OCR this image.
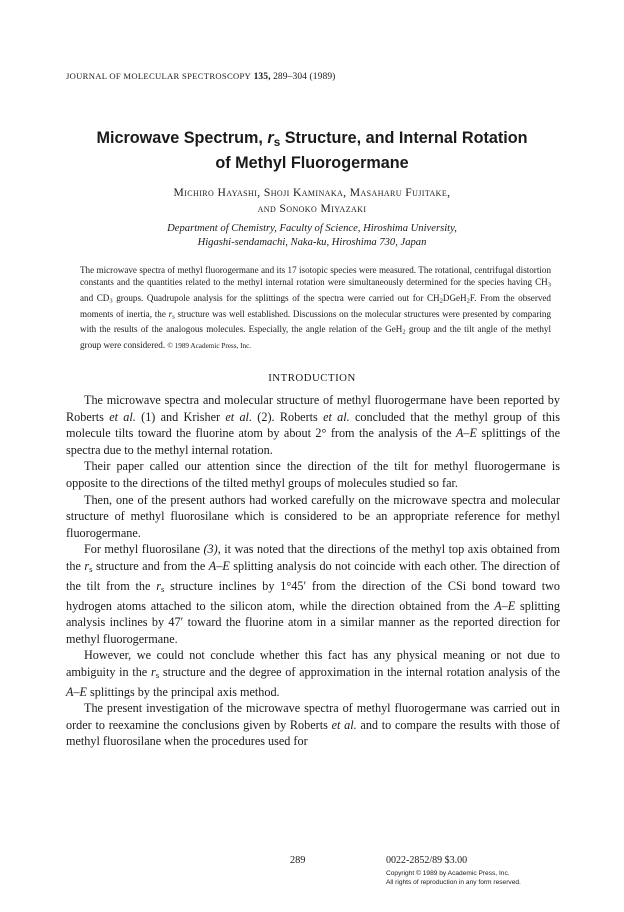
JOURNAL OF MOLECULAR SPECTROSCOPY 135, 289–304 (1989)
Microwave Spectrum, $r_s$ Structure, and Internal Rotation
of Methyl Fluorogermane
Michiro Hayashi, Shoji Kaminaka, Masaharu Fujitake,
and Sonoko Miyazaki
Department of Chemistry, Faculty of Science, Hiroshima University,
Higashi-sendamachi, Naka-ku, Hiroshima 730, Japan
The microwave spectra of methyl fluorogermane and its 17 isotopic species were measured. The rotational, centrifugal distortion constants and the quantities related to the methyl internal rotation were simultaneously determined for the species having $CH_3$ and $CD_3$ groups. Quadrupole analysis for the splittings of the spectra were carried out for $CH_2DGeH_2F$. From the observed moments of inertia, the $r_s$ structure was well established. Discussions on the molecular structures were presented by comparing with the results of the analogous molecules. Especially, the angle relation of the GeH$_2$ group and the tilt angle of the methyl group were considered. © 1989 Academic Press, Inc.
INTRODUCTION

The microwave spectra and molecular structure of methyl fluorogermane have been reported by Roberts et al. (1) and Krisher et al. (2). Roberts et al. concluded that the methyl group of this molecule tilts toward the fluorine atom by about 2° from the analysis of the A–E splittings of the spectra due to the methyl internal rotation.

Their paper called our attention since the direction of the tilt for methyl fluorogermane is opposite to the directions of the tilted methyl groups of molecules studied so far.

Then, one of the present authors had worked carefully on the microwave spectra and molecular structure of methyl fluorosilane which is considered to be an appropriate reference for methyl fluorogermane.

For methyl fluorosilane (3), it was noted that the directions of the methyl top axis obtained from the $r_s$ structure and from the A–E splitting analysis do not coincide with each other. The direction of the tilt from the $r_s$ structure inclines by 1°45′ from the direction of the CSi bond toward two hydrogen atoms attached to the silicon atom, while the direction obtained from the A–E splitting analysis inclines by 47′ toward the fluorine atom in a similar manner as the reported direction for methyl fluorogermane.

However, we could not conclude whether this fact has any physical meaning or not due to ambiguity in the $r_s$ structure and the degree of approximation in the internal rotation analysis of the A–E splittings by the principal axis method.

The present investigation of the microwave spectra of methyl fluorogermane was carried out in order to reexamine the conclusions given by Roberts et al. and to compare the results with those of methyl fluorosilane when the procedures used for

289	0022-2852/89 $3.00
Copyright © 1989 by Academic Press, Inc.
All rights of reproduction in any form reserved.
